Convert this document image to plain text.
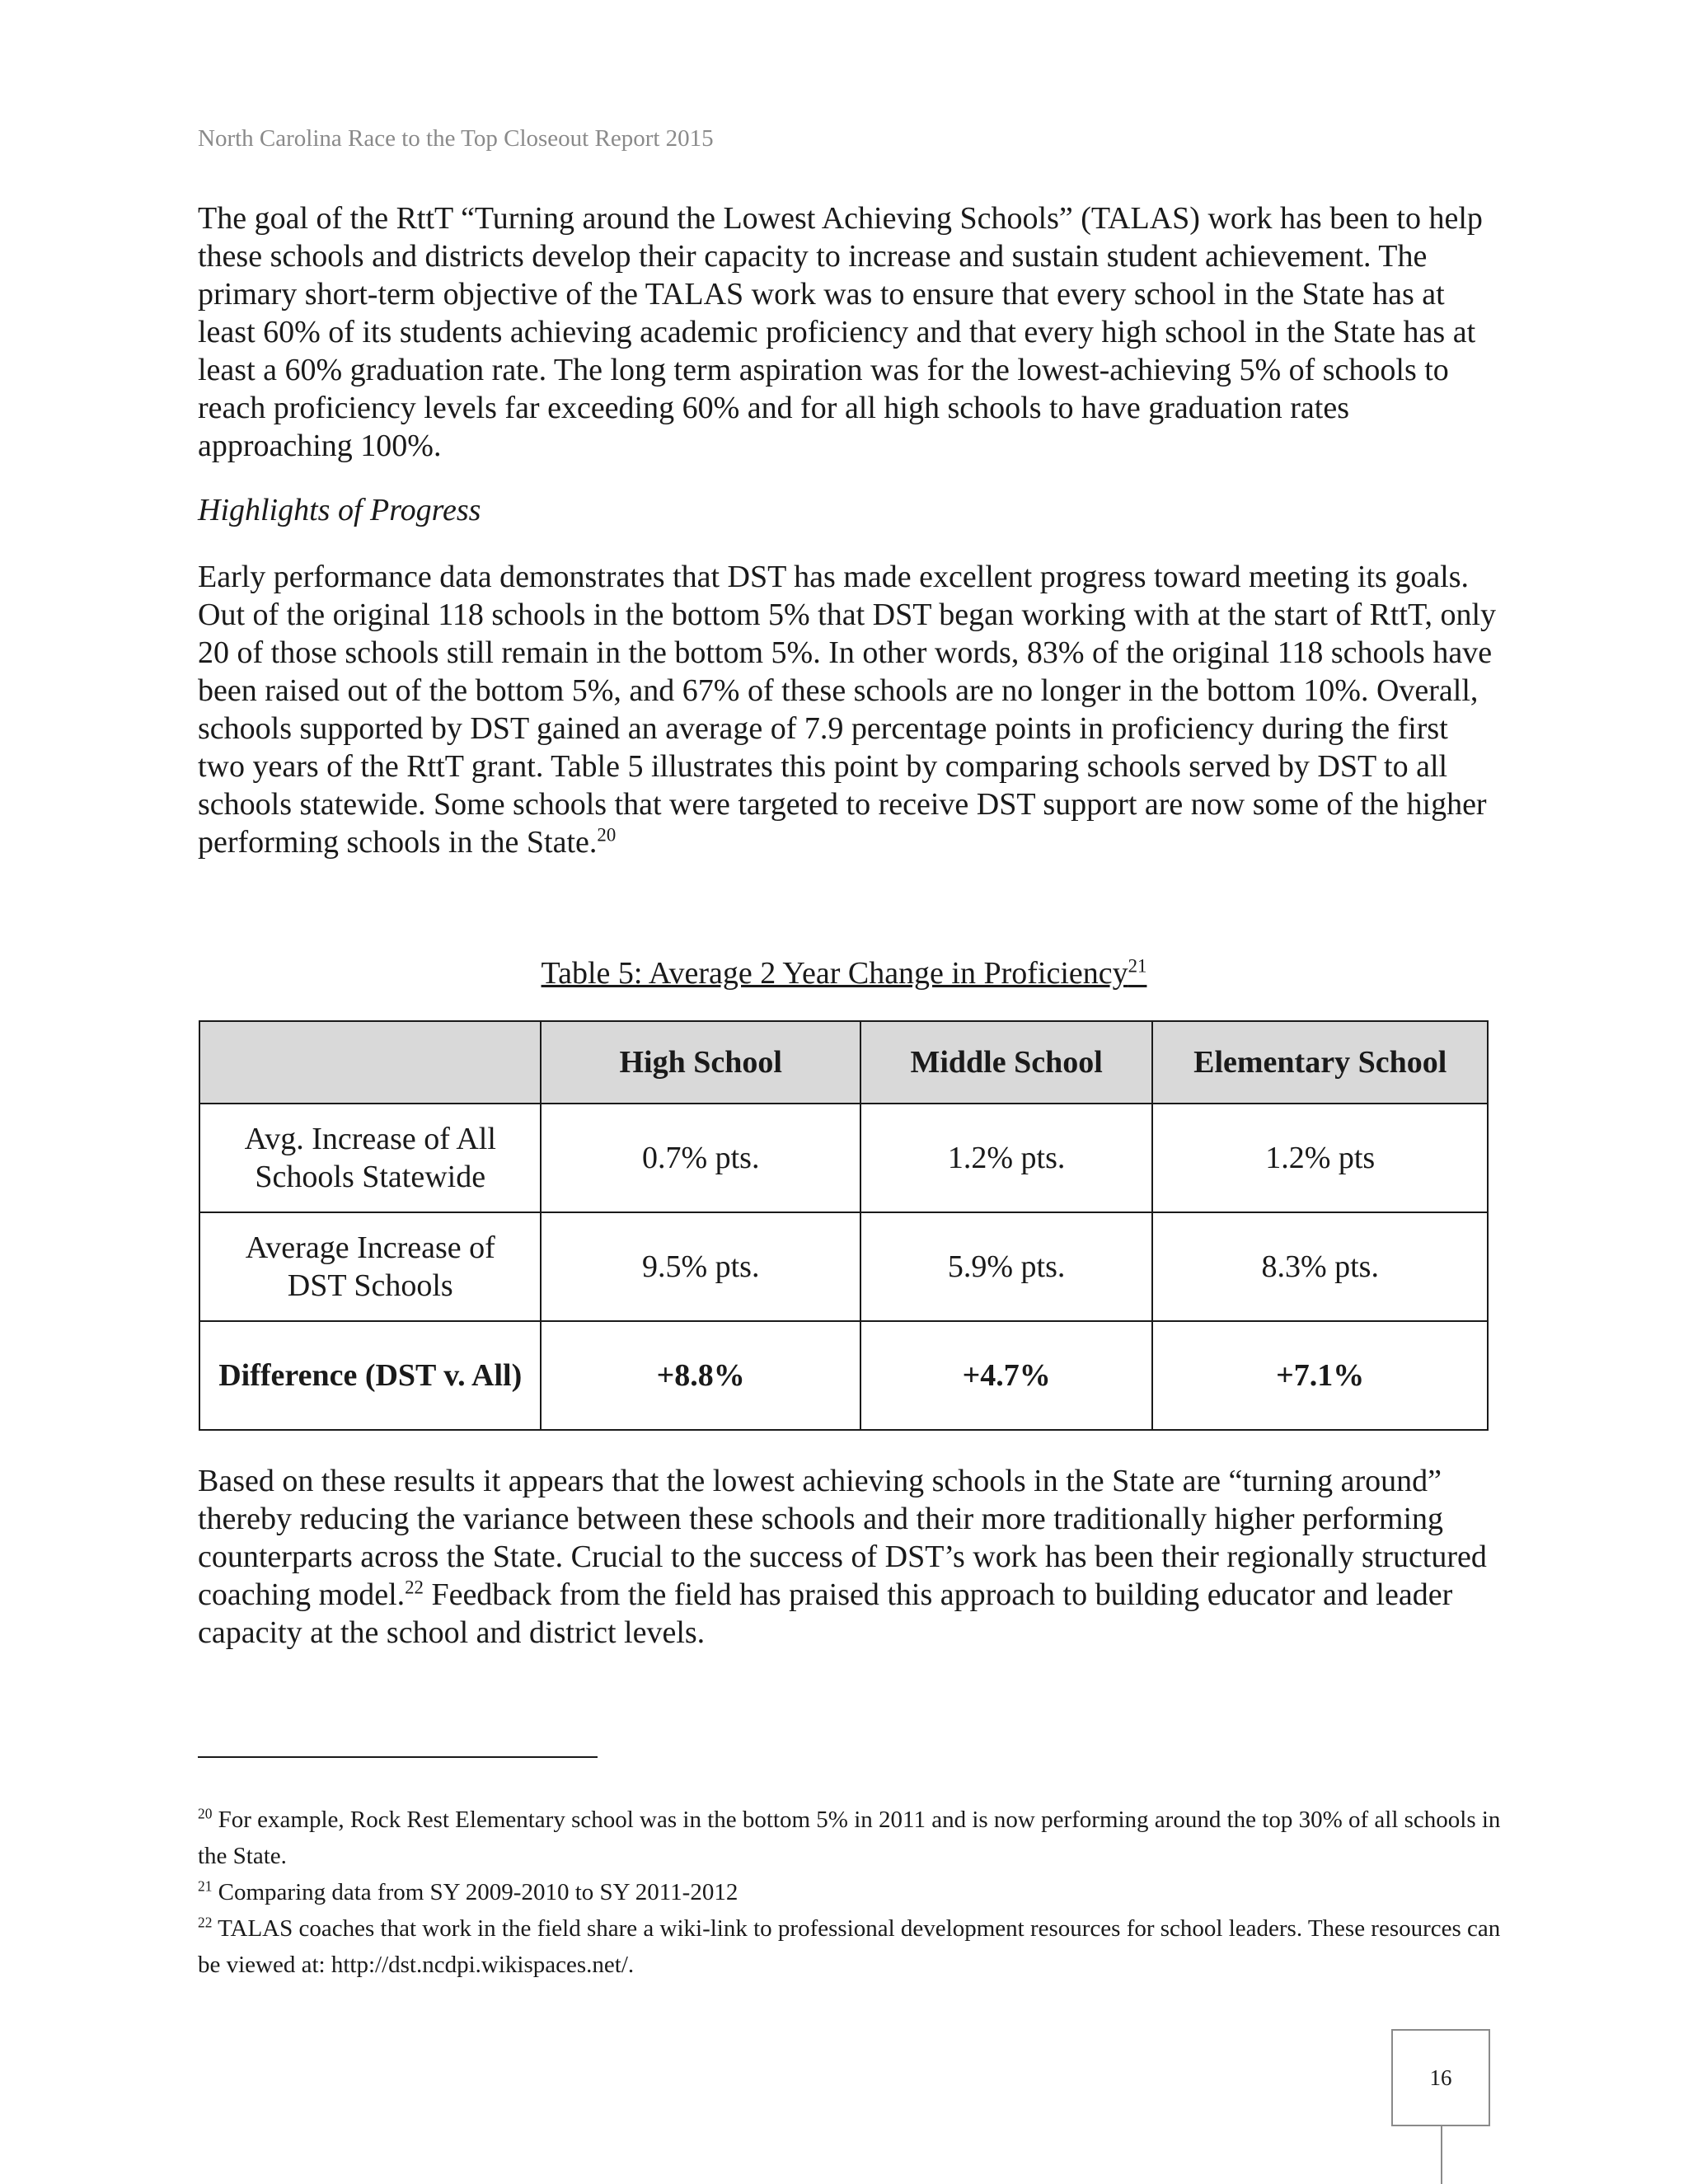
North Carolina Race to the Top Closeout Report 2015

The goal of the RttT “Turning around the Lowest Achieving Schools” (TALAS) work has been to help these schools and districts develop their capacity to increase and sustain student achievement. The primary short-term objective of the TALAS work was to ensure that every school in the State has at least 60% of its students achieving academic proficiency and that every high school in the State has at least a 60% graduation rate. The long term aspiration was for the lowest-achieving 5% of schools to reach proficiency levels far exceeding 60% and for all high schools to have graduation rates approaching 100%.

Highlights of Progress

Early performance data demonstrates that DST has made excellent progress toward meeting its goals. Out of the original 118 schools in the bottom 5% that DST began working with at the start of RttT, only 20 of those schools still remain in the bottom 5%. In other words, 83% of the original 118 schools have been raised out of the bottom 5%, and 67% of these schools are no longer in the bottom 10%. Overall, schools supported by DST gained an average of 7.9 percentage points in proficiency during the first two years of the RttT grant. Table 5 illustrates this point by comparing schools served by DST to all schools statewide. Some schools that were targeted to receive DST support are now some of the higher performing schools in the State.$^{20}$

Table 5: Average 2 Year Change in Proficiency$^{21}$
	High School	Middle School	Elementary School
Avg. Increase of All Schools Statewide	0.7% pts.	1.2% pts.	1.2% pts
Average Increase of DST Schools	9.5% pts.	5.9% pts.	8.3% pts.
Difference (DST v. All)	+8.8%	+4.7%	+7.1%

Based on these results it appears that the lowest achieving schools in the State are “turning around” thereby reducing the variance between these schools and their more traditionally higher performing counterparts across the State. Crucial to the success of DST’s work has been their regionally structured coaching model.$^{22}$ Feedback from the field has praised this approach to building educator and leader capacity at the school and district levels.

$^{20}$ For example, Rock Rest Elementary school was in the bottom 5% in 2011 and is now performing around the top 30% of all schools in the State.

$^{21}$ Comparing data from SY 2009-2010 to SY 2011-2012

$^{22}$ TALAS coaches that work in the field share a wiki-link to professional development resources for school leaders. These resources can be viewed at: http://dst.ncdpi.wikispaces.net/.

16
